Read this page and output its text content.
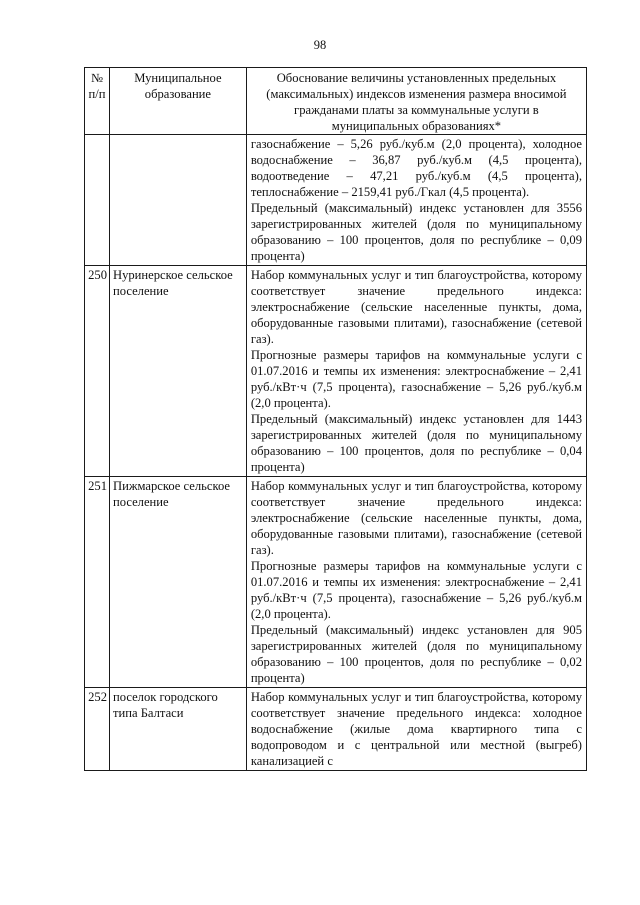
98
№ п/п	Муниципальное образование	Обоснование величины установленных предельных (максимальных) индексов изменения размера вносимой гражданами платы за коммунальные услуги в муниципальных образованиях*

		газоснабжение – 5,26 руб./куб.м (2,0 процента), холодное водоснабжение – 36,87 руб./куб.м (4,5 процента), водоотведение – 47,21 руб./куб.м (4,5 процента), теплоснабжение – 2159,41 руб./Гкал (4,5 процента).

Предельный (максимальный) индекс установлен для 3556 зарегистрированных жителей (доля по муниципальному образованию – 100 процентов, доля по республике – 0,09 процента)

250	Нуринерское сельское поселение	Набор коммунальных услуг и тип благоустройства, которому соответствует значение предельного индекса: электроснабжение (сельские населенные пункты, дома, оборудованные газовыми плитами), газоснабжение (сетевой газ).

Прогнозные размеры тарифов на коммунальные услуги с 01.07.2016 и темпы их изменения: электроснабжение – 2,41 руб./кВт·ч (7,5 процента), газоснабжение – 5,26 руб./куб.м (2,0 процента).

Предельный (максимальный) индекс установлен для 1443 зарегистрированных жителей (доля по муниципальному образованию – 100 процентов, доля по республике – 0,04 процента)

251	Пижмарское сельское поселение	Набор коммунальных услуг и тип благоустройства, которому соответствует значение предельного индекса: электроснабжение (сельские населенные пункты, дома, оборудованные газовыми плитами), газоснабжение (сетевой газ).

Прогнозные размеры тарифов на коммунальные услуги с 01.07.2016 и темпы их изменения: электроснабжение – 2,41 руб./кВт·ч (7,5 процента), газоснабжение – 5,26 руб./куб.м (2,0 процента).

Предельный (максимальный) индекс установлен для 905 зарегистрированных жителей (доля по муниципальному образованию – 100 процентов, доля по республике – 0,02 процента)

252	поселок городского типа Балтаси	Набор коммунальных услуг и тип благоустройства, которому соответствует значение предельного индекса: холодное водоснабжение (жилые дома квартирного типа с водопроводом и с центральной или местной (выгреб) канализацией с
